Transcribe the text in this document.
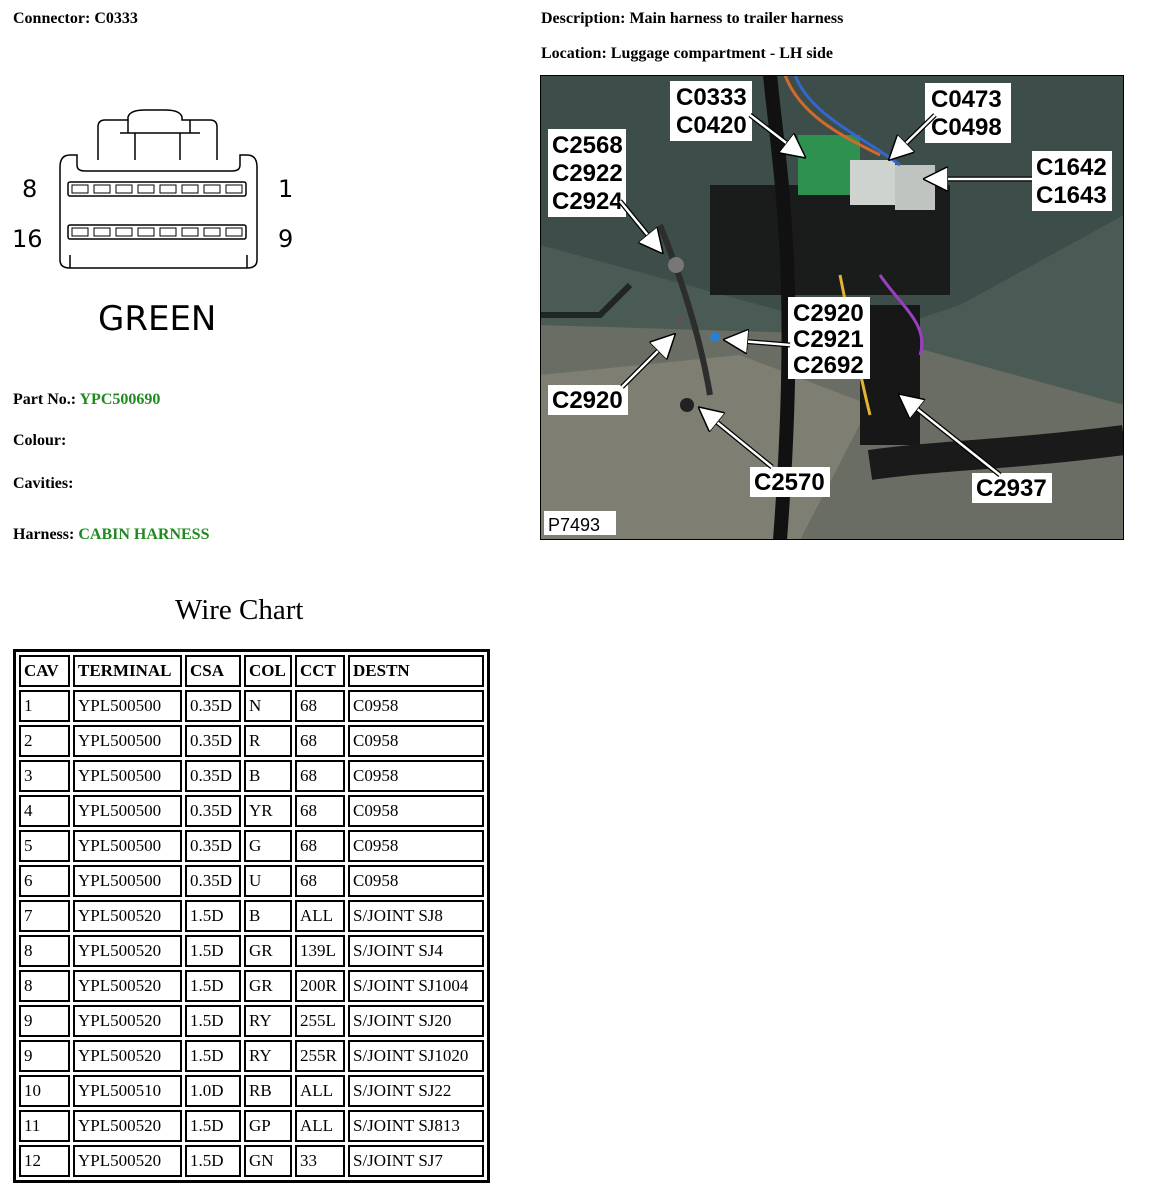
Connector: C0333	Description: Main harness to trailer harness
Location: Luggage compartment - LH side
8	1
16	9
GREEN
Part No.: YPC500690
Colour:
Cavities:
Harness: CABIN HARNESS
C0333
C0420
C0473
C0498
C2568
C2922
C2924
C1642
C1643
C2920
C2921
C2692
C2920
C2570	C2937
P7493
Wire Chart
CAV	TERMINAL	CSA	COL	CCT	DESTN
1	YPL500500	0.35D	N	68	C0958
2	YPL500500	0.35D	R	68	C0958
3	YPL500500	0.35D	B	68	C0958
4	YPL500500	0.35D	YR	68	C0958
5	YPL500500	0.35D	G	68	C0958
6	YPL500500	0.35D	U	68	C0958
7	YPL500520	1.5D	B	ALL	S/JOINT SJ8
8	YPL500520	1.5D	GR	139L	S/JOINT SJ4
8	YPL500520	1.5D	GR	200R	S/JOINT SJ1004
9	YPL500520	1.5D	RY	255L	S/JOINT SJ20
9	YPL500520	1.5D	RY	255R	S/JOINT SJ1020
10	YPL500510	1.0D	RB	ALL	S/JOINT SJ22
11	YPL500520	1.5D	GP	ALL	S/JOINT SJ813
12	YPL500520	1.5D	GN	33	S/JOINT SJ7
